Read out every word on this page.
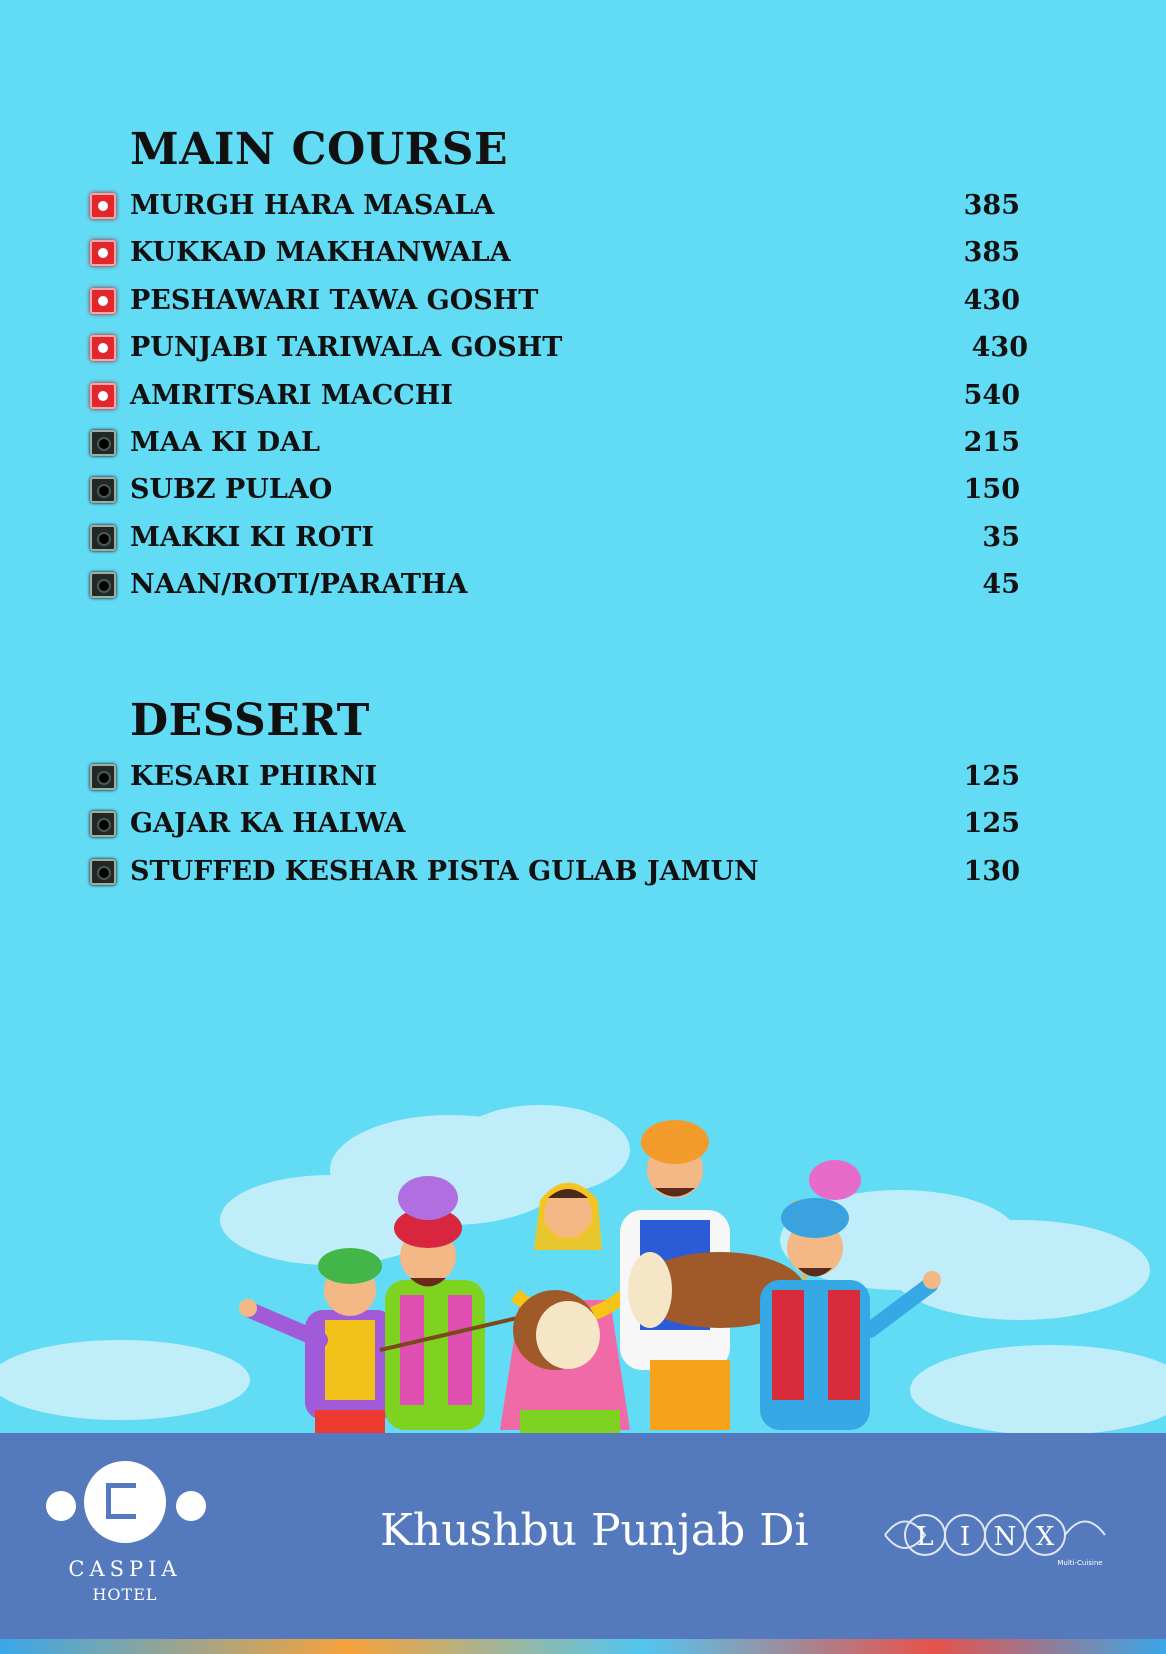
MAIN COURSE
MURGH HARA MASALA	385
KUKKAD MAKHANWALA	385
PESHAWARI TAWA GOSHT	430
PUNJABI TARIWALA GOSHT	430
AMRITSARI MACCHI	540
MAA KI DAL	215
SUBZ PULAO	150
MAKKI KI ROTI	35
NAAN/ROTI/PARATHA	45
DESSERT
KESARI PHIRNI	125
GAJAR KA HALWA	125
STUFFED KESHAR PISTA GULAB JAMUN	130
CASPIA
HOTEL
Khushbu Punjab Di	L I N X
Multi-Cuisine
